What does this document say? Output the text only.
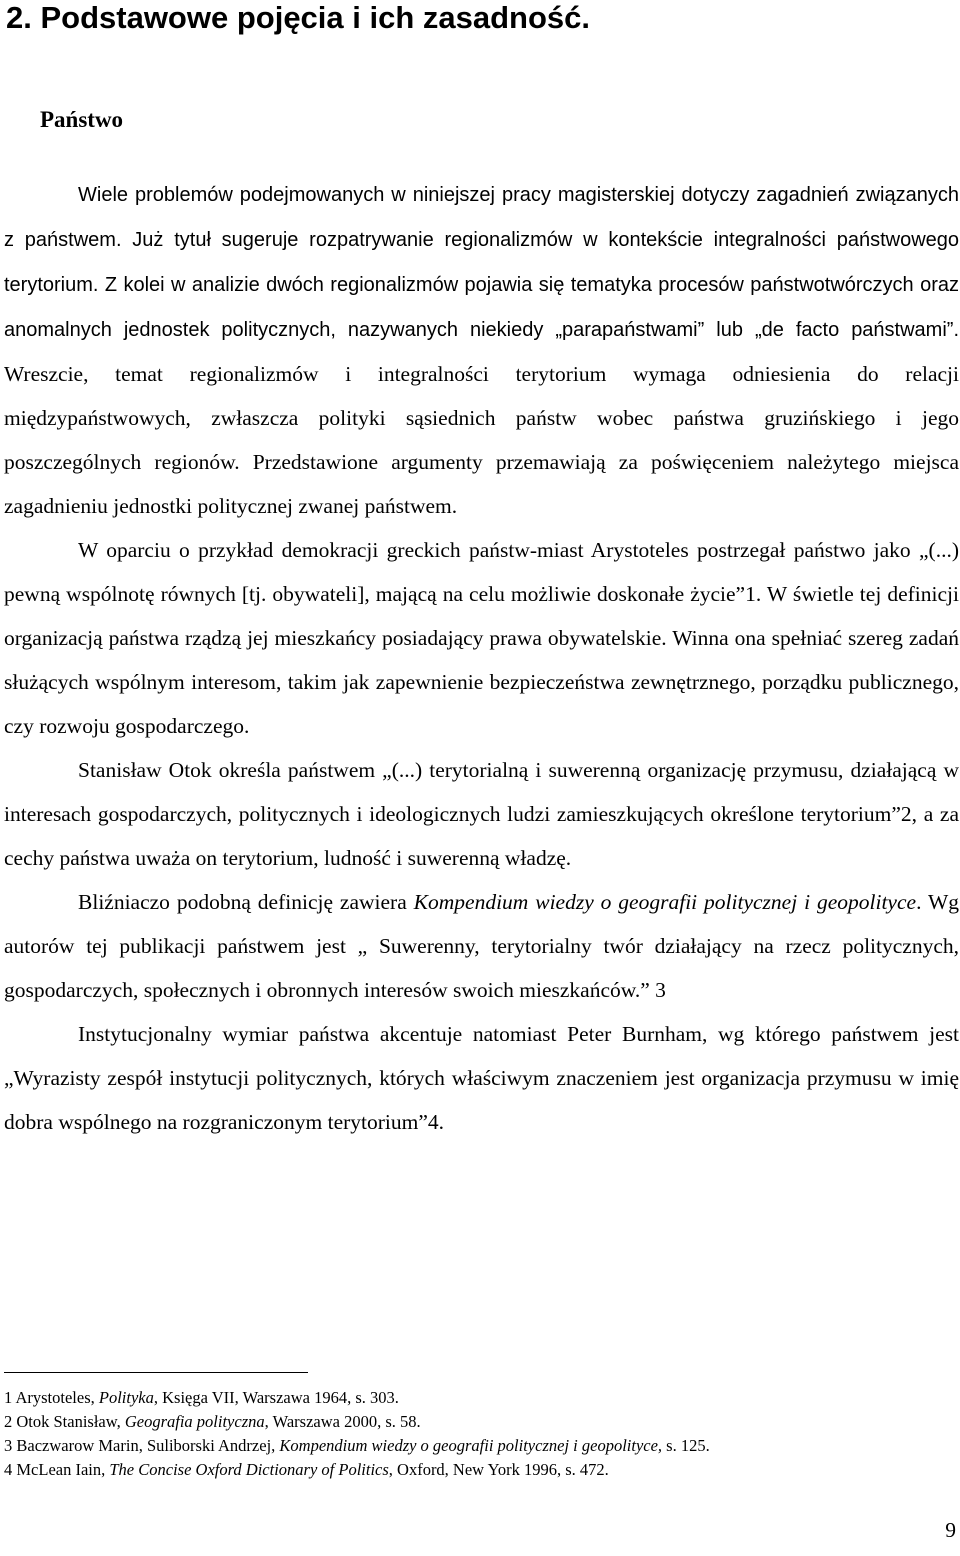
2. Podstawowe pojęcia i ich zasadność.
Państwo

Wiele problemów podejmowanych w niniejszej pracy magisterskiej dotyczy zagadnień związanych z państwem. Już tytuł sugeruje rozpatrywanie regionalizmów w kontekście integralności państwowego terytorium. Z kolei w analizie dwóch regionalizmów pojawia się tematyka procesów państwotwórczych oraz anomalnych jednostek politycznych, nazywanych niekiedy „parapaństwami” lub „de facto państwami”. Wreszcie, temat regionalizmów i integralności terytorium wymaga odniesienia do relacji międzypaństwowych, zwłaszcza polityki sąsiednich państw wobec państwa gruzińskiego i jego poszczególnych regionów. Przedstawione argumenty przemawiają za poświęceniem należytego miejsca zagadnieniu jednostki politycznej zwanej państwem.

W oparciu o przykład demokracji greckich państw-miast Arystoteles postrzegał państwo jako „(...) pewną wspólnotę równych [tj. obywateli], mającą na celu możliwie doskonałe życie”1. W świetle tej definicji organizacją państwa rządzą jej mieszkańcy posiadający prawa obywatelskie. Winna ona spełniać szereg zadań służących wspólnym interesom, takim jak zapewnienie bezpieczeństwa zewnętrznego, porządku publicznego, czy rozwoju gospodarczego.

Stanisław Otok określa państwem „(...) terytorialną i suwerenną organizację przymusu, działającą w interesach gospodarczych, politycznych i ideologicznych ludzi zamieszkujących określone terytorium”2, a za cechy państwa uważa on terytorium, ludność i suwerenną władzę.

Bliźniaczo podobną definicję zawiera Kompendium wiedzy o geografii politycznej i geopolityce. Wg autorów tej publikacji państwem jest „ Suwerenny, terytorialny twór działający na rzecz politycznych, gospodarczych, społecznych i obronnych interesów swoich mieszkańców.” 3

Instytucjonalny wymiar państwa akcentuje natomiast Peter Burnham, wg którego państwem jest „Wyrazisty zespół instytucji politycznych, których właściwym znaczeniem jest organizacja przymusu w imię dobra wspólnego na rozgraniczonym terytorium”4.

1 Arystoteles, Polityka, Księga VII, Warszawa 1964, s. 303.
2 Otok Stanisław, Geografia polityczna, Warszawa 2000, s. 58.
3 Baczwarow Marin, Suliborski Andrzej, Kompendium wiedzy o geografii politycznej i geopolityce, s. 125.
4 McLean Iain, The Concise Oxford Dictionary of Politics, Oxford, New York 1996, s. 472.
9
